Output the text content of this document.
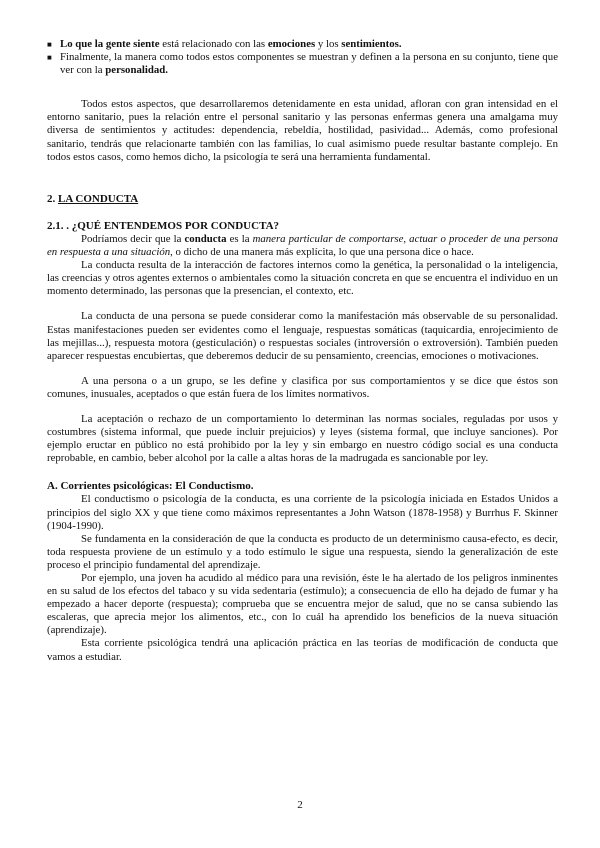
■ Lo que la gente siente está relacionado con las emociones y los sentimientos.
■ Finalmente, la manera como todos estos componentes se muestran y definen a la persona en su conjunto, tiene que ver con la personalidad.

Todos estos aspectos, que desarrollaremos detenidamente en esta unidad, afloran con gran intensidad en el entorno sanitario, pues la relación entre el personal sanitario y las personas enfermas genera una amalgama muy diversa de sentimientos y actitudes: dependencia, rebeldía, hostilidad, pasividad... Además, como profesional sanitario, tendrás que relacionarte también con las familias, lo cual asimismo puede resultar bastante complejo. En todos estos casos, como hemos dicho, la psicología te será una herramienta fundamental.

2. LA CONDUCTA
2.1. . ¿QUÉ ENTENDEMOS POR CONDUCTA?

Podríamos decir que la conducta es la manera particular de comportarse, actuar o proceder de una persona en respuesta a una situación, o dicho de una manera más explícita, lo que una persona dice o hace.

La conducta resulta de la interacción de factores internos como la genética, la personalidad o la inteligencia, las creencias y otros agentes externos o ambientales como la situación concreta en que se encuentra el individuo en un momento determinado, las personas que la presencian, el contexto, etc.

La conducta de una persona se puede considerar como la manifestación más observable de su personalidad. Estas manifestaciones pueden ser evidentes como el lenguaje, respuestas somáticas (taquicardia, enrojecimiento de las mejillas...), respuesta motora (gesticulación) o respuestas sociales (introversión o extroversión). También pueden aparecer respuestas encubiertas, que deberemos deducir de su pensamiento, creencias, emociones o motivaciones.

A una persona o a un grupo, se les define y clasifica por sus comportamientos y se dice que éstos son comunes, inusuales, aceptados o que están fuera de los límites normativos.

La aceptación o rechazo de un comportamiento lo determinan las normas sociales, reguladas por usos y costumbres (sistema informal, que puede incluir prejuicios) y leyes (sistema formal, que incluye sanciones). Por ejemplo eructar en público no está prohibido por la ley y sin embargo en nuestro código social es una conducta reprobable, en cambio, beber alcohol por la calle a altas horas de la madrugada es sancionable por ley.

A. Corrientes psicológicas: El Conductismo.

El conductismo o psicología de la conducta, es una corriente de la psicología iniciada en Estados Unidos a principios del siglo XX y que tiene como máximos representantes a John Watson (1878-1958) y Burrhus F. Skinner (1904-1990).

Se fundamenta en la consideración de que la conducta es producto de un determinismo causa-efecto, es decir, toda respuesta proviene de un estímulo y a todo estímulo le sigue una respuesta, siendo la generalización de este proceso el principio fundamental del aprendizaje.

Por ejemplo, una joven ha acudido al médico para una revisión, éste le ha alertado de los peligros inminentes en su salud de los efectos del tabaco y su vida sedentaria (estímulo); a consecuencia de ello ha dejado de fumar y ha empezado a hacer deporte (respuesta); comprueba que se encuentra mejor de salud, que no se cansa subiendo las escaleras, que aprecia mejor los alimentos, etc., con lo cuál ha aprendido los beneficios de la nueva situación (aprendizaje).

Esta corriente psicológica tendrá una aplicación práctica en las teorías de modificación de conducta que vamos a estudiar.

2
